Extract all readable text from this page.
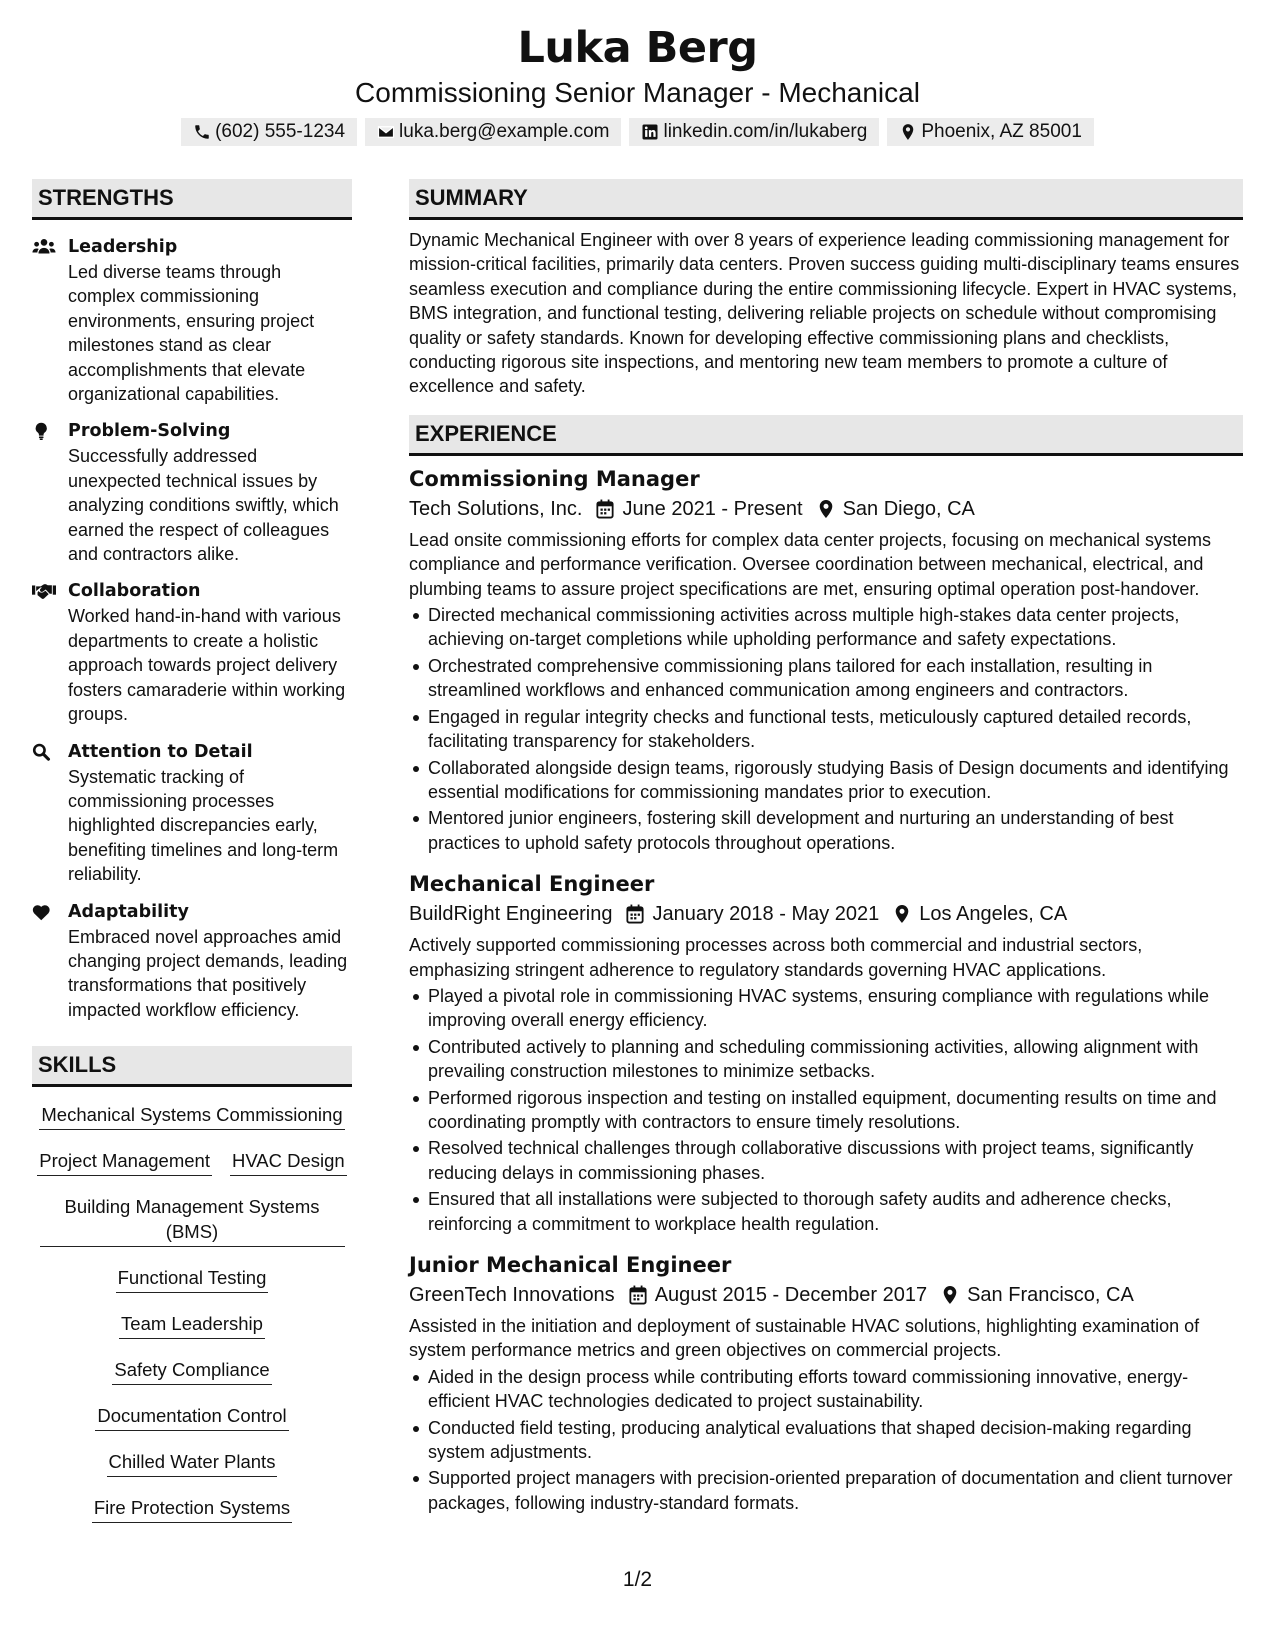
Luka Berg
Commissioning Senior Manager - Mechanical
(602) 555-1234	luka.berg@example.com	linkedin.com/in/lukaberg	Phoenix, AZ 85001
STRENGTHS
Leadership
Led diverse teams through complex commissioning environments, ensuring project milestones stand as clear accomplishments that elevate organizational capabilities.
Problem-Solving
Successfully addressed unexpected technical issues by analyzing conditions swiftly, which earned the respect of colleagues and contractors alike.
Collaboration
Worked hand-in-hand with various departments to create a holistic approach towards project delivery fosters camaraderie within working groups.
Attention to Detail
Systematic tracking of commissioning processes highlighted discrepancies early, benefiting timelines and long-term reliability.
Adaptability
Embraced novel approaches amid changing project demands, leading transformations that positively impacted workflow efficiency.
SKILLS
Mechanical Systems Commissioning
Project Management HVAC Design
Building Management Systems (BMS)
Functional Testing
Team Leadership
Safety Compliance
Documentation Control
Chilled Water Plants
Fire Protection Systems
SUMMARY
Dynamic Mechanical Engineer with over 8 years of experience leading commissioning management for mission-critical facilities, primarily data centers. Proven success guiding multi-disciplinary teams ensures seamless execution and compliance during the entire commissioning lifecycle. Expert in HVAC systems, BMS integration, and functional testing, delivering reliable projects on schedule without compromising quality or safety standards. Known for developing effective commissioning plans and checklists, conducting rigorous site inspections, and mentoring new team members to promote a culture of excellence and safety.
EXPERIENCE
Commissioning Manager
Tech Solutions, Inc. June 2021 - Present San Diego, CA
Lead onsite commissioning efforts for complex data center projects, focusing on mechanical systems compliance and performance verification. Oversee coordination between mechanical, electrical, and plumbing teams to assure project specifications are met, ensuring optimal operation post-handover.
Directed mechanical commissioning activities across multiple high-stakes data center projects, achieving on-target completions while upholding performance and safety expectations.
Orchestrated comprehensive commissioning plans tailored for each installation, resulting in streamlined workflows and enhanced communication among engineers and contractors.
Engaged in regular integrity checks and functional tests, meticulously captured detailed records, facilitating transparency for stakeholders.
Collaborated alongside design teams, rigorously studying Basis of Design documents and identifying essential modifications for commissioning mandates prior to execution.
Mentored junior engineers, fostering skill development and nurturing an understanding of best practices to uphold safety protocols throughout operations.
Mechanical Engineer
BuildRight Engineering January 2018 - May 2021 Los Angeles, CA
Actively supported commissioning processes across both commercial and industrial sectors, emphasizing stringent adherence to regulatory standards governing HVAC applications.
Played a pivotal role in commissioning HVAC systems, ensuring compliance with regulations while improving overall energy efficiency.
Contributed actively to planning and scheduling commissioning activities, allowing alignment with prevailing construction milestones to minimize setbacks.
Performed rigorous inspection and testing on installed equipment, documenting results on time and coordinating promptly with contractors to ensure timely resolutions.
Resolved technical challenges through collaborative discussions with project teams, significantly reducing delays in commissioning phases.
Ensured that all installations were subjected to thorough safety audits and adherence checks, reinforcing a commitment to workplace health regulation.
Junior Mechanical Engineer
GreenTech Innovations August 2015 - December 2017 San Francisco, CA
Assisted in the initiation and deployment of sustainable HVAC solutions, highlighting examination of system performance metrics and green objectives on commercial projects.
Aided in the design process while contributing efforts toward commissioning innovative, energy-efficient HVAC technologies dedicated to project sustainability.
Conducted field testing, producing analytical evaluations that shaped decision-making regarding system adjustments.
Supported project managers with precision-oriented preparation of documentation and client turnover packages, following industry-standard formats.
1/2
